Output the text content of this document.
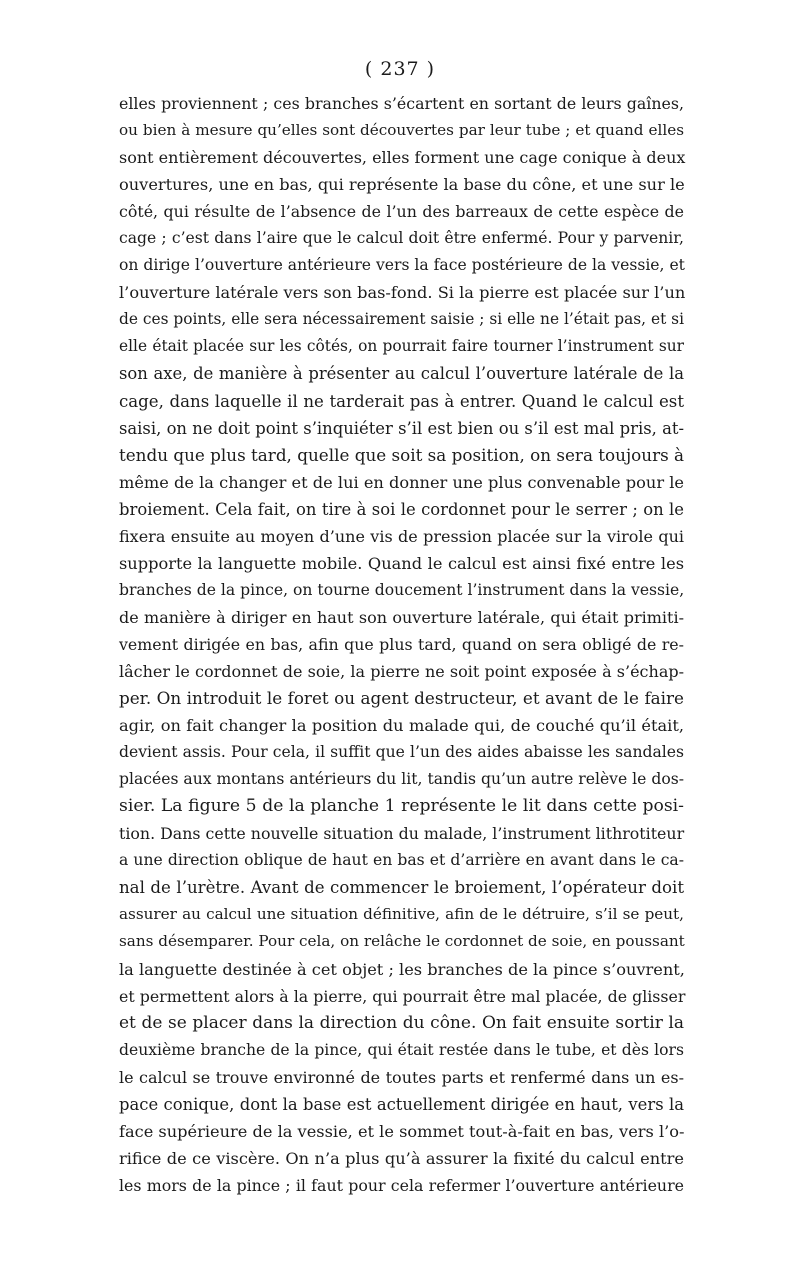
( 237 )
elles proviennent ; ces branches s’écartent en sortant de leurs gaînes,
ou bien à mesure qu’elles sont découvertes par leur tube ; et quand elles
sont entièrement découvertes, elles forment une cage conique à deux
ouvertures, une en bas, qui représente la base du cône, et une sur le
côté, qui résulte de l’absence de l’un des barreaux de cette espèce de
cage ; c’est dans l’aire que le calcul doit être enfermé. Pour y parvenir,
on dirige l’ouverture antérieure vers la face postérieure de la vessie, et
l’ouverture latérale vers son bas-fond. Si la pierre est placée sur l’un
de ces points, elle sera nécessairement saisie ; si elle ne l’était pas, et si
elle était placée sur les côtés, on pourrait faire tourner l’instrument sur
son axe, de manière à présenter au calcul l’ouverture latérale de la
cage, dans laquelle il ne tarderait pas à entrer. Quand le calcul est
saisi, on ne doit point s’inquiéter s’il est bien ou s’il est mal pris, at-
tendu que plus tard, quelle que soit sa position, on sera toujours à
même de la changer et de lui en donner une plus convenable pour le
broiement. Cela fait, on tire à soi le cordonnet pour le serrer ; on le
fixera ensuite au moyen d’une vis de pression placée sur la virole qui
supporte la languette mobile. Quand le calcul est ainsi fixé entre les
branches de la pince, on tourne doucement l’instrument dans la vessie,
de manière à diriger en haut son ouverture latérale, qui était primiti-
vement dirigée en bas, afin que plus tard, quand on sera obligé de re-
lâcher le cordonnet de soie, la pierre ne soit point exposée à s’échap-
per. On introduit le foret ou agent destructeur, et avant de le faire
agir, on fait changer la position du malade qui, de couché qu’il était,
devient assis. Pour cela, il suffit que l’un des aides abaisse les sandales
placées aux montans antérieurs du lit, tandis qu’un autre relève le dos-
sier. La figure 5 de la planche 1 représente le lit dans cette posi-
tion. Dans cette nouvelle situation du malade, l’instrument lithrotiteur
a une direction oblique de haut en bas et d’arrière en avant dans le ca-
nal de l’urètre. Avant de commencer le broiement, l’opérateur doit
assurer au calcul une situation définitive, afin de le détruire, s’il se peut,
sans désemparer. Pour cela, on relâche le cordonnet de soie, en poussant
la languette destinée à cet objet ; les branches de la pince s’ouvrent,
et permettent alors à la pierre, qui pourrait être mal placée, de glisser
et de se placer dans la direction du cône. On fait ensuite sortir la
deuxième branche de la pince, qui était restée dans le tube, et dès lors
le calcul se trouve environné de toutes parts et renfermé dans un es-
pace conique, dont la base est actuellement dirigée en haut, vers la
face supérieure de la vessie, et le sommet tout-à-fait en bas, vers l’o-
rifice de ce viscère. On n’a plus qu’à assurer la fixité du calcul entre
les mors de la pince ; il faut pour cela refermer l’ouverture antérieure
